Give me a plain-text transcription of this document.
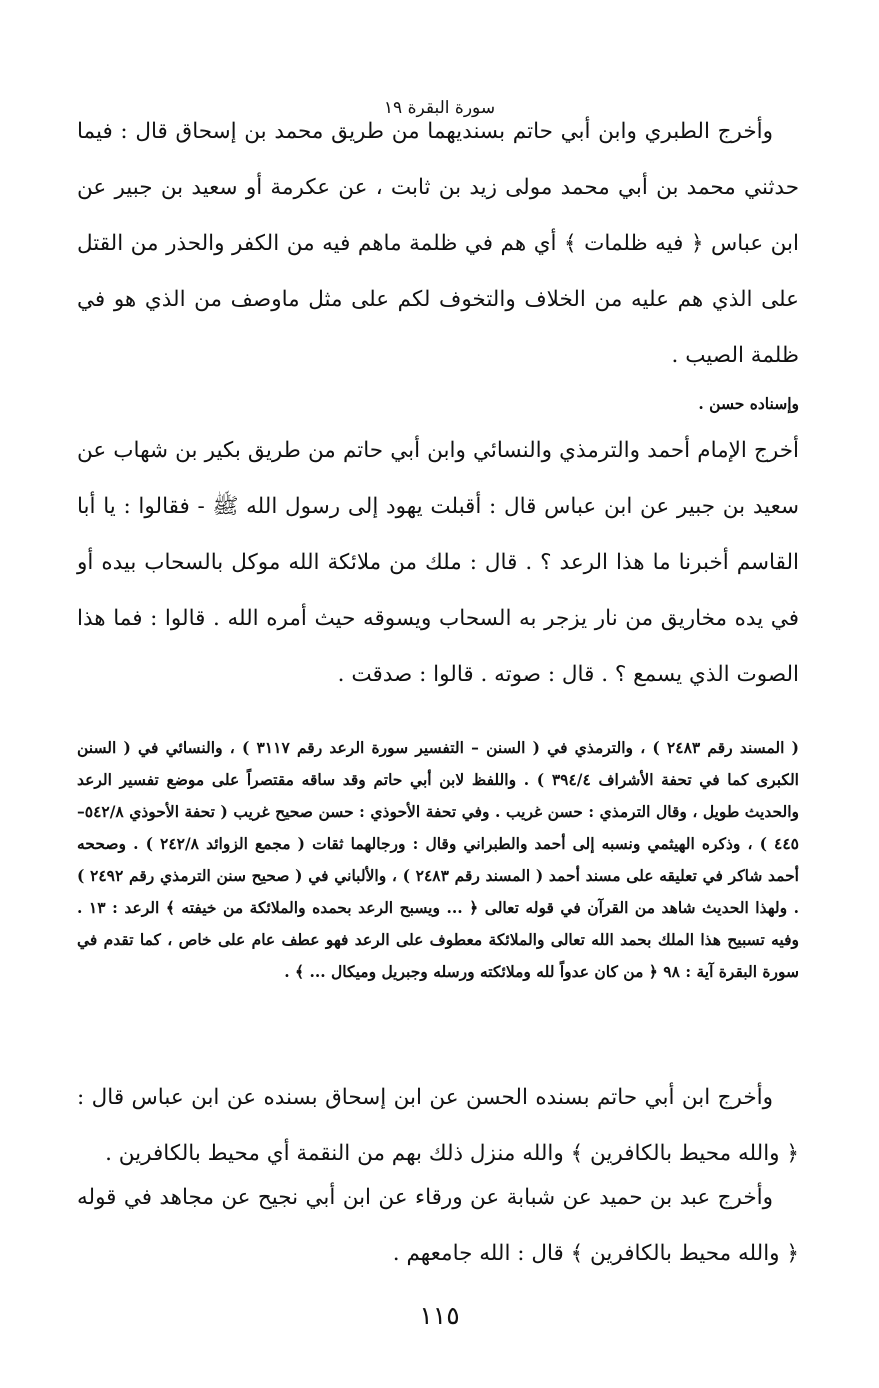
سورة البقرة ١٩
وأخرج الطبري وابن أبي حاتم بسنديهما من طريق محمد بن إسحاق قال : فيما حدثني محمد بن أبي محمد مولى زيد بن ثابت ، عن عكرمة أو سعيد بن جبير عن ابن عباس ﴿ فيه ظلمات ﴾ أي هم في ظلمة ماهم فيه من الكفر والحذر من القتل على الذي هم عليه من الخلاف والتخوف لكم على مثل ماوصف من الذي هو في ظلمة الصيب .
وإسناده حسن .
أخرج الإمام أحمد والترمذي والنسائي وابن أبي حاتم من طريق بكير بن شهاب عن سعيد بن جبير عن ابن عباس قال : أقبلت يهود إلى رسول الله ﷺ - فقالوا : يا أبا القاسم أخبرنا ما هذا الرعد ؟ . قال : ملك من ملائكة الله موكل بالسحاب بيده أو في يده مخاريق من نار يزجر به السحاب ويسوقه حيث أمره الله . قالوا : فما هذا الصوت الذي يسمع ؟ . قال : صوته . قالوا : صدقت .
( المسند رقم ٢٤٨٣ ) ، والترمذي في ( السنن – التفسير سورة الرعد رقم ٣١١٧ ) ، والنسائي في ( السنن الكبرى كما في تحفة الأشراف ٣٩٤/٤ ) . واللفظ لابن أبي حاتم وقد ساقه مقتصراً على موضع تفسير الرعد والحديث طويل ، وقال الترمذي : حسن غريب . وفي تحفة الأحوذي : حسن صحيح غريب ( تحفة الأحوذي ٥٤٢/٨–٤٤٥ ) ، وذكره الهيثمي ونسبه إلى أحمد والطبراني وقال : ورجالهما ثقات ( مجمع الزوائد ٢٤٢/٨ ) . وصححه أحمد شاكر في تعليقه على مسند أحمد ( المسند رقم ٢٤٨٣ ) ، والألباني في ( صحيح سنن الترمذي رقم ٢٤٩٢ ) . ولهذا الحديث شاهد من القرآن في قوله تعالى ﴿ ... ويسبح الرعد بحمده والملائكة من خيفته ﴾ الرعد : ١٣ . وفيه تسبيح هذا الملك بحمد الله تعالى والملائكة معطوف على الرعد فهو عطف عام على خاص ، كما تقدم في سورة البقرة آية : ٩٨ ﴿ من كان عدواً لله وملائكته ورسله وجبريل وميكال ... ﴾ .
وأخرج ابن أبي حاتم بسنده الحسن عن ابن إسحاق بسنده عن ابن عباس قال : ﴿ والله محيط بالكافرين ﴾ والله منزل ذلك بهم من النقمة أي محيط بالكافرين .
وأخرج عبد بن حميد عن شبابة عن ورقاء عن ابن أبي نجيح عن مجاهد في قوله ﴿ والله محيط بالكافرين ﴾ قال : الله جامعهم .
١١٥
